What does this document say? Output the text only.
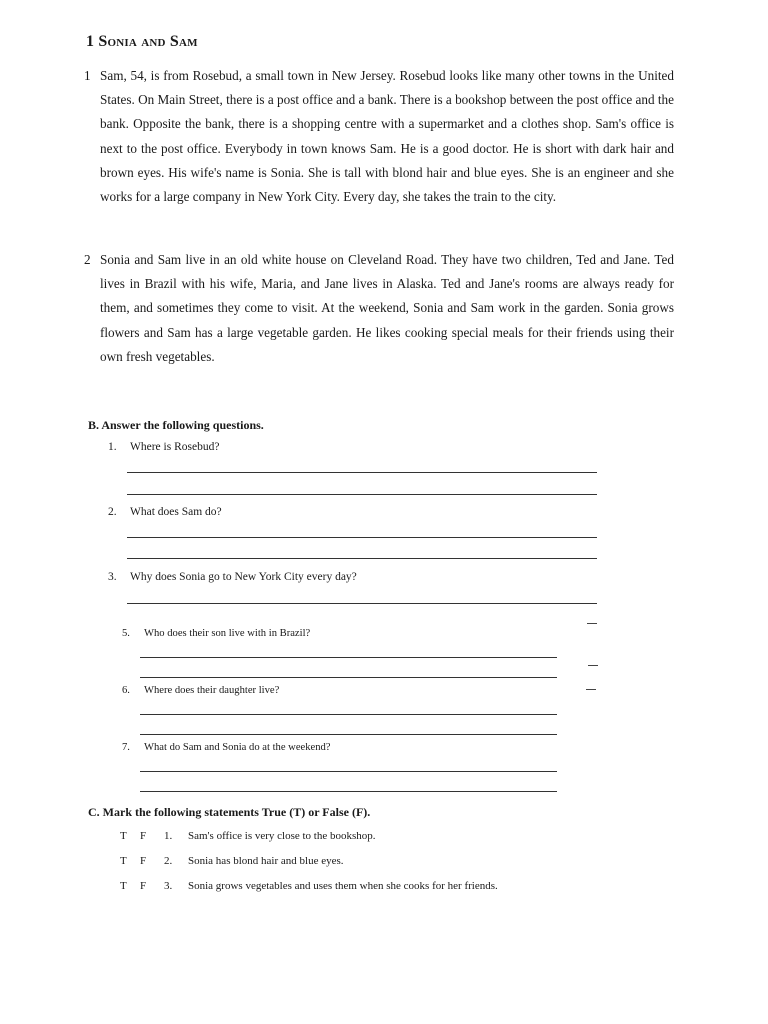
1 Sonia and Sam
1 Sam, 54, is from Rosebud, a small town in New Jersey. Rosebud looks like many other towns in the United States. On Main Street, there is a post office and a bank. There is a bookshop between the post office and the bank. Opposite the bank, there is a shopping centre with a supermarket and a clothes shop. Sam's office is next to the post office. Everybody in town knows Sam. He is a good doctor. He is short with dark hair and brown eyes. His wife's name is Sonia. She is tall with blond hair and blue eyes. She is an engineer and she works for a large company in New York City. Every day, she takes the train to the city.
2 Sonia and Sam live in an old white house on Cleveland Road. They have two children, Ted and Jane. Ted lives in Brazil with his wife, Maria, and Jane lives in Alaska. Ted and Jane's rooms are always ready for them, and sometimes they come to visit. At the weekend, Sonia and Sam work in the garden. Sonia grows flowers and Sam has a large vegetable garden. He likes cooking special meals for their friends using their own fresh vegetables.
B. Answer the following questions.
1. Where is Rosebud?
2. What does Sam do?
3. Why does Sonia go to New York City every day?
5. Who does their son live with in Brazil?
6. Where does their daughter live?
7. What do Sam and Sonia do at the weekend?
C. Mark the following statements True (T) or False (F).
T F 1. Sam's office is very close to the bookshop.
T F 2. Sonia has blond hair and blue eyes.
T F 3. Sonia grows vegetables and uses them when she cooks for her friends.
